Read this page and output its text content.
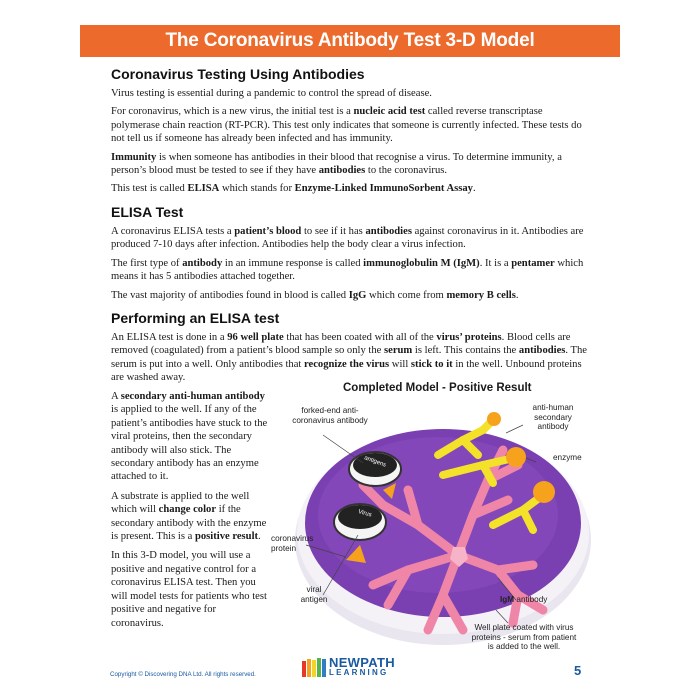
The Coronavirus Antibody Test 3-D Model
Coronavirus Testing Using Antibodies

Virus testing is essential during a pandemic to control the spread of disease.

For coronavirus, which is a new virus, the initial test is a nucleic acid test called reverse transcriptase polymerase chain reaction (RT-PCR). This test only indicates that someone is currently infected. These tests do not tell us if someone has already been infected and has immunity.

Immunity is when someone has antibodies in their blood that recognise a virus. To determine immunity, a person’s blood must be tested to see if they have antibodies to the coronavirus.

This test is called ELISA which stands for Enzyme-Linked ImmunoSorbent Assay.

ELISA Test

A coronavirus ELISA tests a patient’s blood to see if it has antibodies against coronavirus in it. Antibodies are produced 7-10 days after infection. Antibodies help the body clear a virus infection.

The first type of antibody in an immune response is called immunoglobulin M (IgM). It is a pentamer which means it has 5 antibodies attached together.

The vast majority of antibodies found in blood is called IgG which come from memory B cells.

Performing an ELISA test

An ELISA test is done in a 96 well plate that has been coated with all of the virus’ proteins. Blood cells are removed (coagulated) from a patient’s blood sample so only the serum is left. This contains the antibodies. The serum is put into a well. Only antibodies that recognize the virus will stick to it in the well. Unbound proteins are washed away.

A secondary anti-human antibody is applied to the well. If any of the patient’s antibodies have stuck to the viral proteins, then the secondary antibody will also stick. The secondary antibody has an enzyme attached to it.

A substrate is applied to the well which will change color if the secondary antibody with the enzyme is present. This is a positive result.

In this 3-D model, you will use a positive and negative control for a coronavirus ELISA test. Then you will model tests for patients who test positive and negative for coronavirus.

Completed Model - Positive Result
antigens
Virus
forked-end anti-coronavirus antibody
anti-human secondary antibody
enzyme
coronavirus protein
viral antigen	IgM antibody
Well plate coated with virus proteins - serum from patient is added to the well.
Copyright © Discovering DNA Ltd. All rights reserved.
NEWPATH
LEARNING	5
